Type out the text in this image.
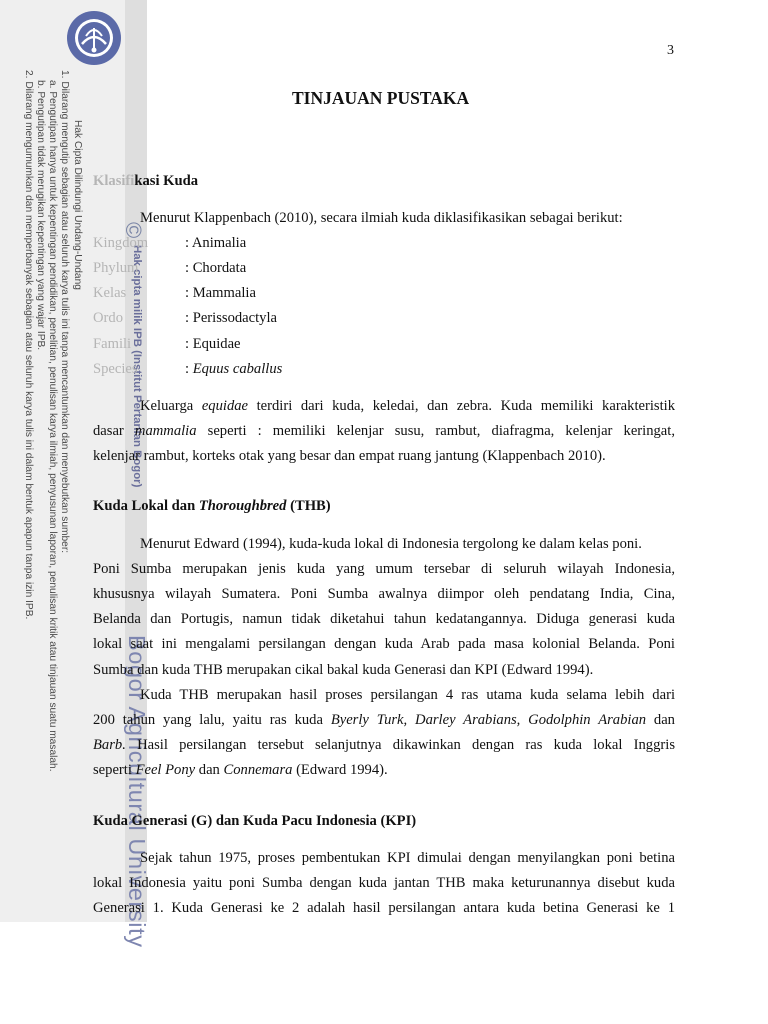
Hak Cipta Dilindungi Undang-Undang
1. Dilarang mengutip sebagian atau seluruh karya tulis ini tanpa mencantumkan dan menyebutkan sumber:
a. Pengutipan hanya untuk kepentingan pendidikan, penelitian, penulisan karya ilmiah, penyusunan laporan, penulisan kritik atau tinjauan suatu masalah.
b. Pengutipan tidak merugikan kepentingan yang wajar IPB.
2. Dilarang mengumumkan dan memperbanyak sebagian atau seluruh karya tulis ini dalam bentuk apapun tanpa izin IPB.	©
Hak cipta milik IPB (Institut Pertanian Bogor)
Bogor Agricultural University
3
TINJAUAN PUSTAKA
Klasifikasi Kuda
Menurut Klappenbach (2010), secara ilmiah kuda diklasifikasikan sebagai berikut:
Kingdom	: Animalia
Phylum	: Chordata
Kelas	: Mammalia
Ordo	: Perissodactyla
Famili	: Equidae
Species	: Equus caballus
Keluarga equidae terdiri dari kuda, keledai, dan zebra. Kuda memiliki karakteristik
dasar mammalia seperti : memiliki kelenjar susu, rambut, diafragma, kelenjar keringat,
kelenjar rambut, korteks otak yang besar dan empat ruang jantung (Klappenbach 2010).
Kuda Lokal dan Thoroughbred (THB)
Menurut Edward (1994), kuda-kuda lokal di Indonesia tergolong ke dalam kelas poni.
Poni Sumba merupakan jenis kuda yang umum tersebar di seluruh wilayah Indonesia,
khususnya wilayah Sumatera. Poni Sumba awalnya diimpor oleh pendatang India, Cina,
Belanda dan Portugis, namun tidak diketahui tahun kedatangannya. Diduga generasi kuda
lokal saat ini mengalami persilangan dengan kuda Arab pada masa kolonial Belanda. Poni
Sumba dan kuda THB merupakan cikal bakal kuda Generasi dan KPI (Edward 1994).
Kuda THB merupakan hasil proses persilangan 4 ras utama kuda selama lebih dari
200 tahun yang lalu, yaitu ras kuda Byerly Turk, Darley Arabians, Godolphin Arabian dan
Barb. Hasil persilangan tersebut selanjutnya dikawinkan dengan ras kuda lokal Inggris
seperti Feel Pony dan Connemara (Edward 1994).
Kuda Generasi (G) dan Kuda Pacu Indonesia (KPI)
Sejak tahun 1975, proses pembentukan KPI dimulai dengan menyilangkan poni betina
lokal Indonesia yaitu poni Sumba dengan kuda jantan THB maka keturunannya disebut kuda
Generasi 1. Kuda Generasi ke 2 adalah hasil persilangan antara kuda betina Generasi ke 1
